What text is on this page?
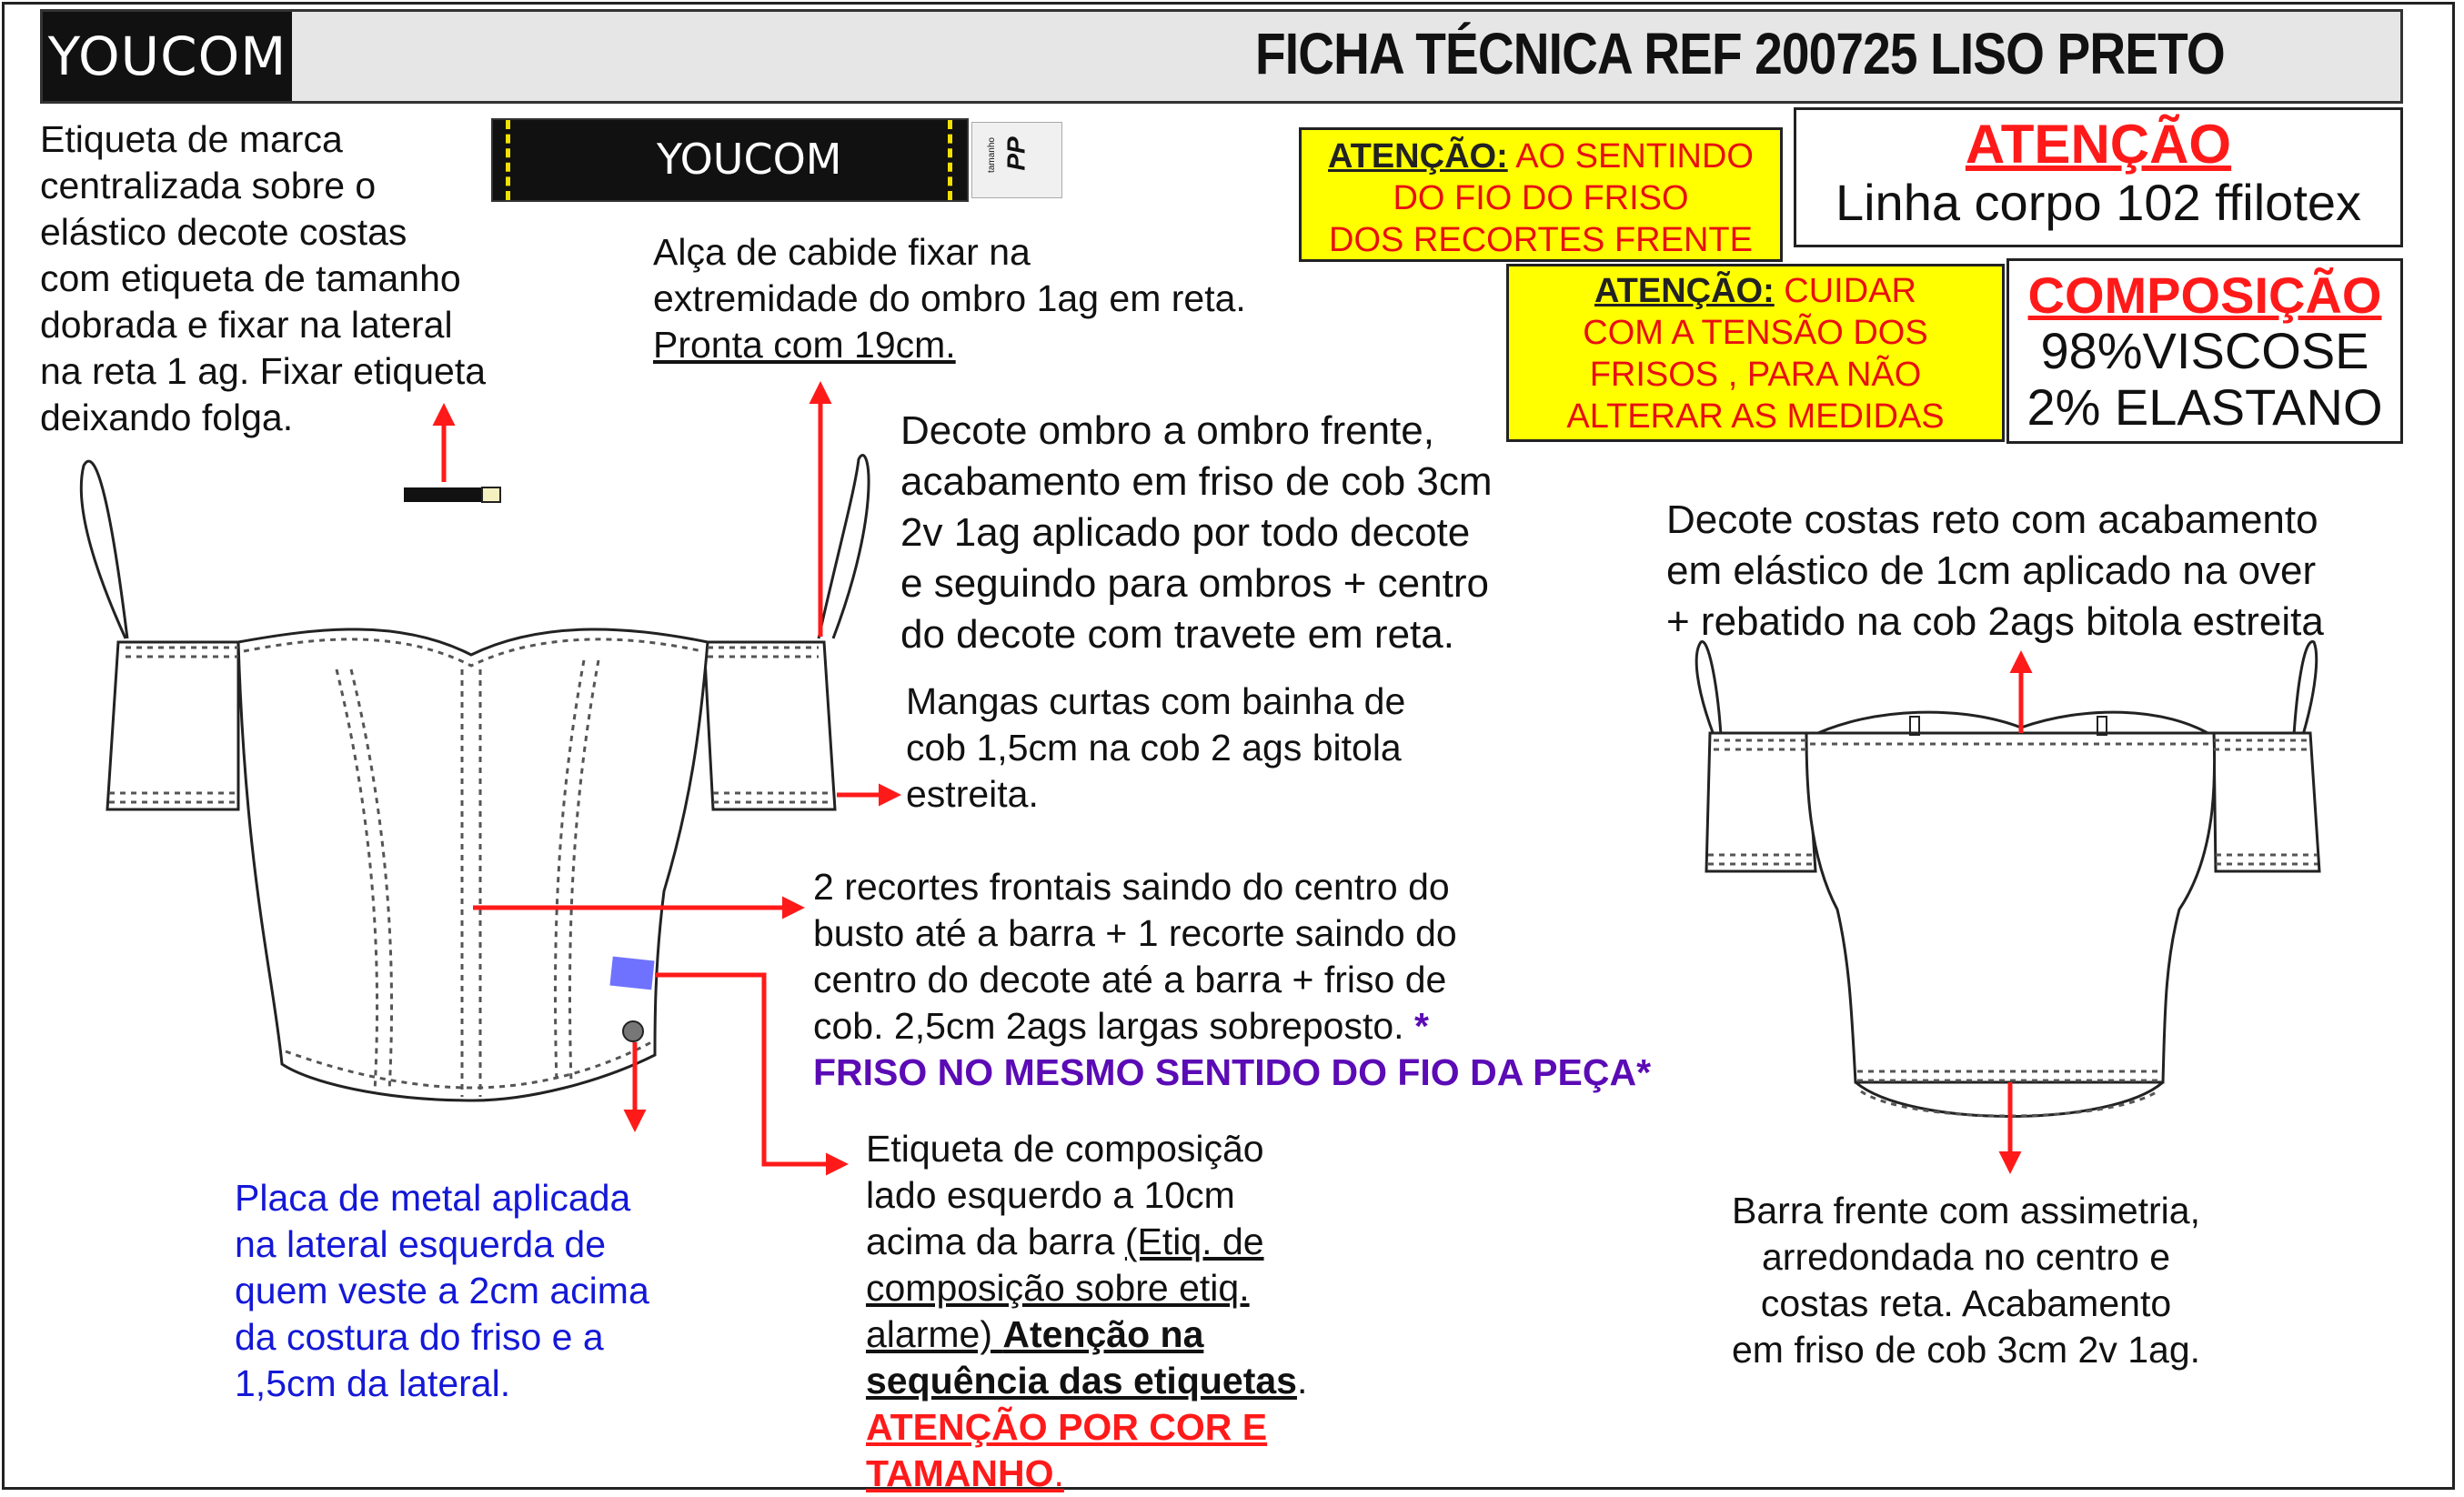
YOUCOM	FICHA TÉCNICA REF 200725 LISO PRETO
YOUCOM	tamanho PP
Etiqueta de marca
centralizada sobre o
elástico decote costas
com etiqueta de tamanho
dobrada e fixar na lateral
na reta 1 ag. Fixar etiqueta
deixando folga.
Alça de cabide fixar na
extremidade do ombro 1ag em reta.
Pronta com 19cm.
Decote ombro a ombro frente,
acabamento em friso de cob 3cm
2v 1ag aplicado por todo decote
e seguindo para ombros + centro
do decote com travete em reta.
Mangas curtas com bainha de
cob 1,5cm na cob 2 ags bitola
estreita.
2 recortes frontais saindo do centro do
busto até a barra + 1 recorte saindo do
centro do decote até a barra + friso de
cob. 2,5cm 2ags largas sobreposto. *
FRISO NO MESMO SENTIDO DO FIO DA PEÇA*
Placa de metal aplicada
na lateral esquerda de
quem veste a 2cm acima
da costura do friso e a
1,5cm da lateral.
Etiqueta de composição
lado esquerdo a 10cm
acima da barra (Etiq. de
composição sobre etiq.
alarme) Atenção na
sequência das etiquetas.
ATENÇÃO POR COR E
TAMANHO.
Decote costas reto com acabamento
em elástico de 1cm aplicado na over
+ rebatido na cob 2ags bitola estreita
Barra frente com assimetria,
arredondada no centro e
costas reta. Acabamento
em friso de cob 3cm 2v 1ag.
ATENÇÃO: AO SENTINDO
DO FIO DO FRISO
DOS RECORTES FRENTE
ATENÇÃO: CUIDAR
COM A TENSÃO DOS
FRISOS , PARA NÃO
ALTERAR AS MEDIDAS
ATENÇÃO
Linha corpo 102 ffilotex
COMPOSIÇÃO
98%VISCOSE
2% ELASTANO
